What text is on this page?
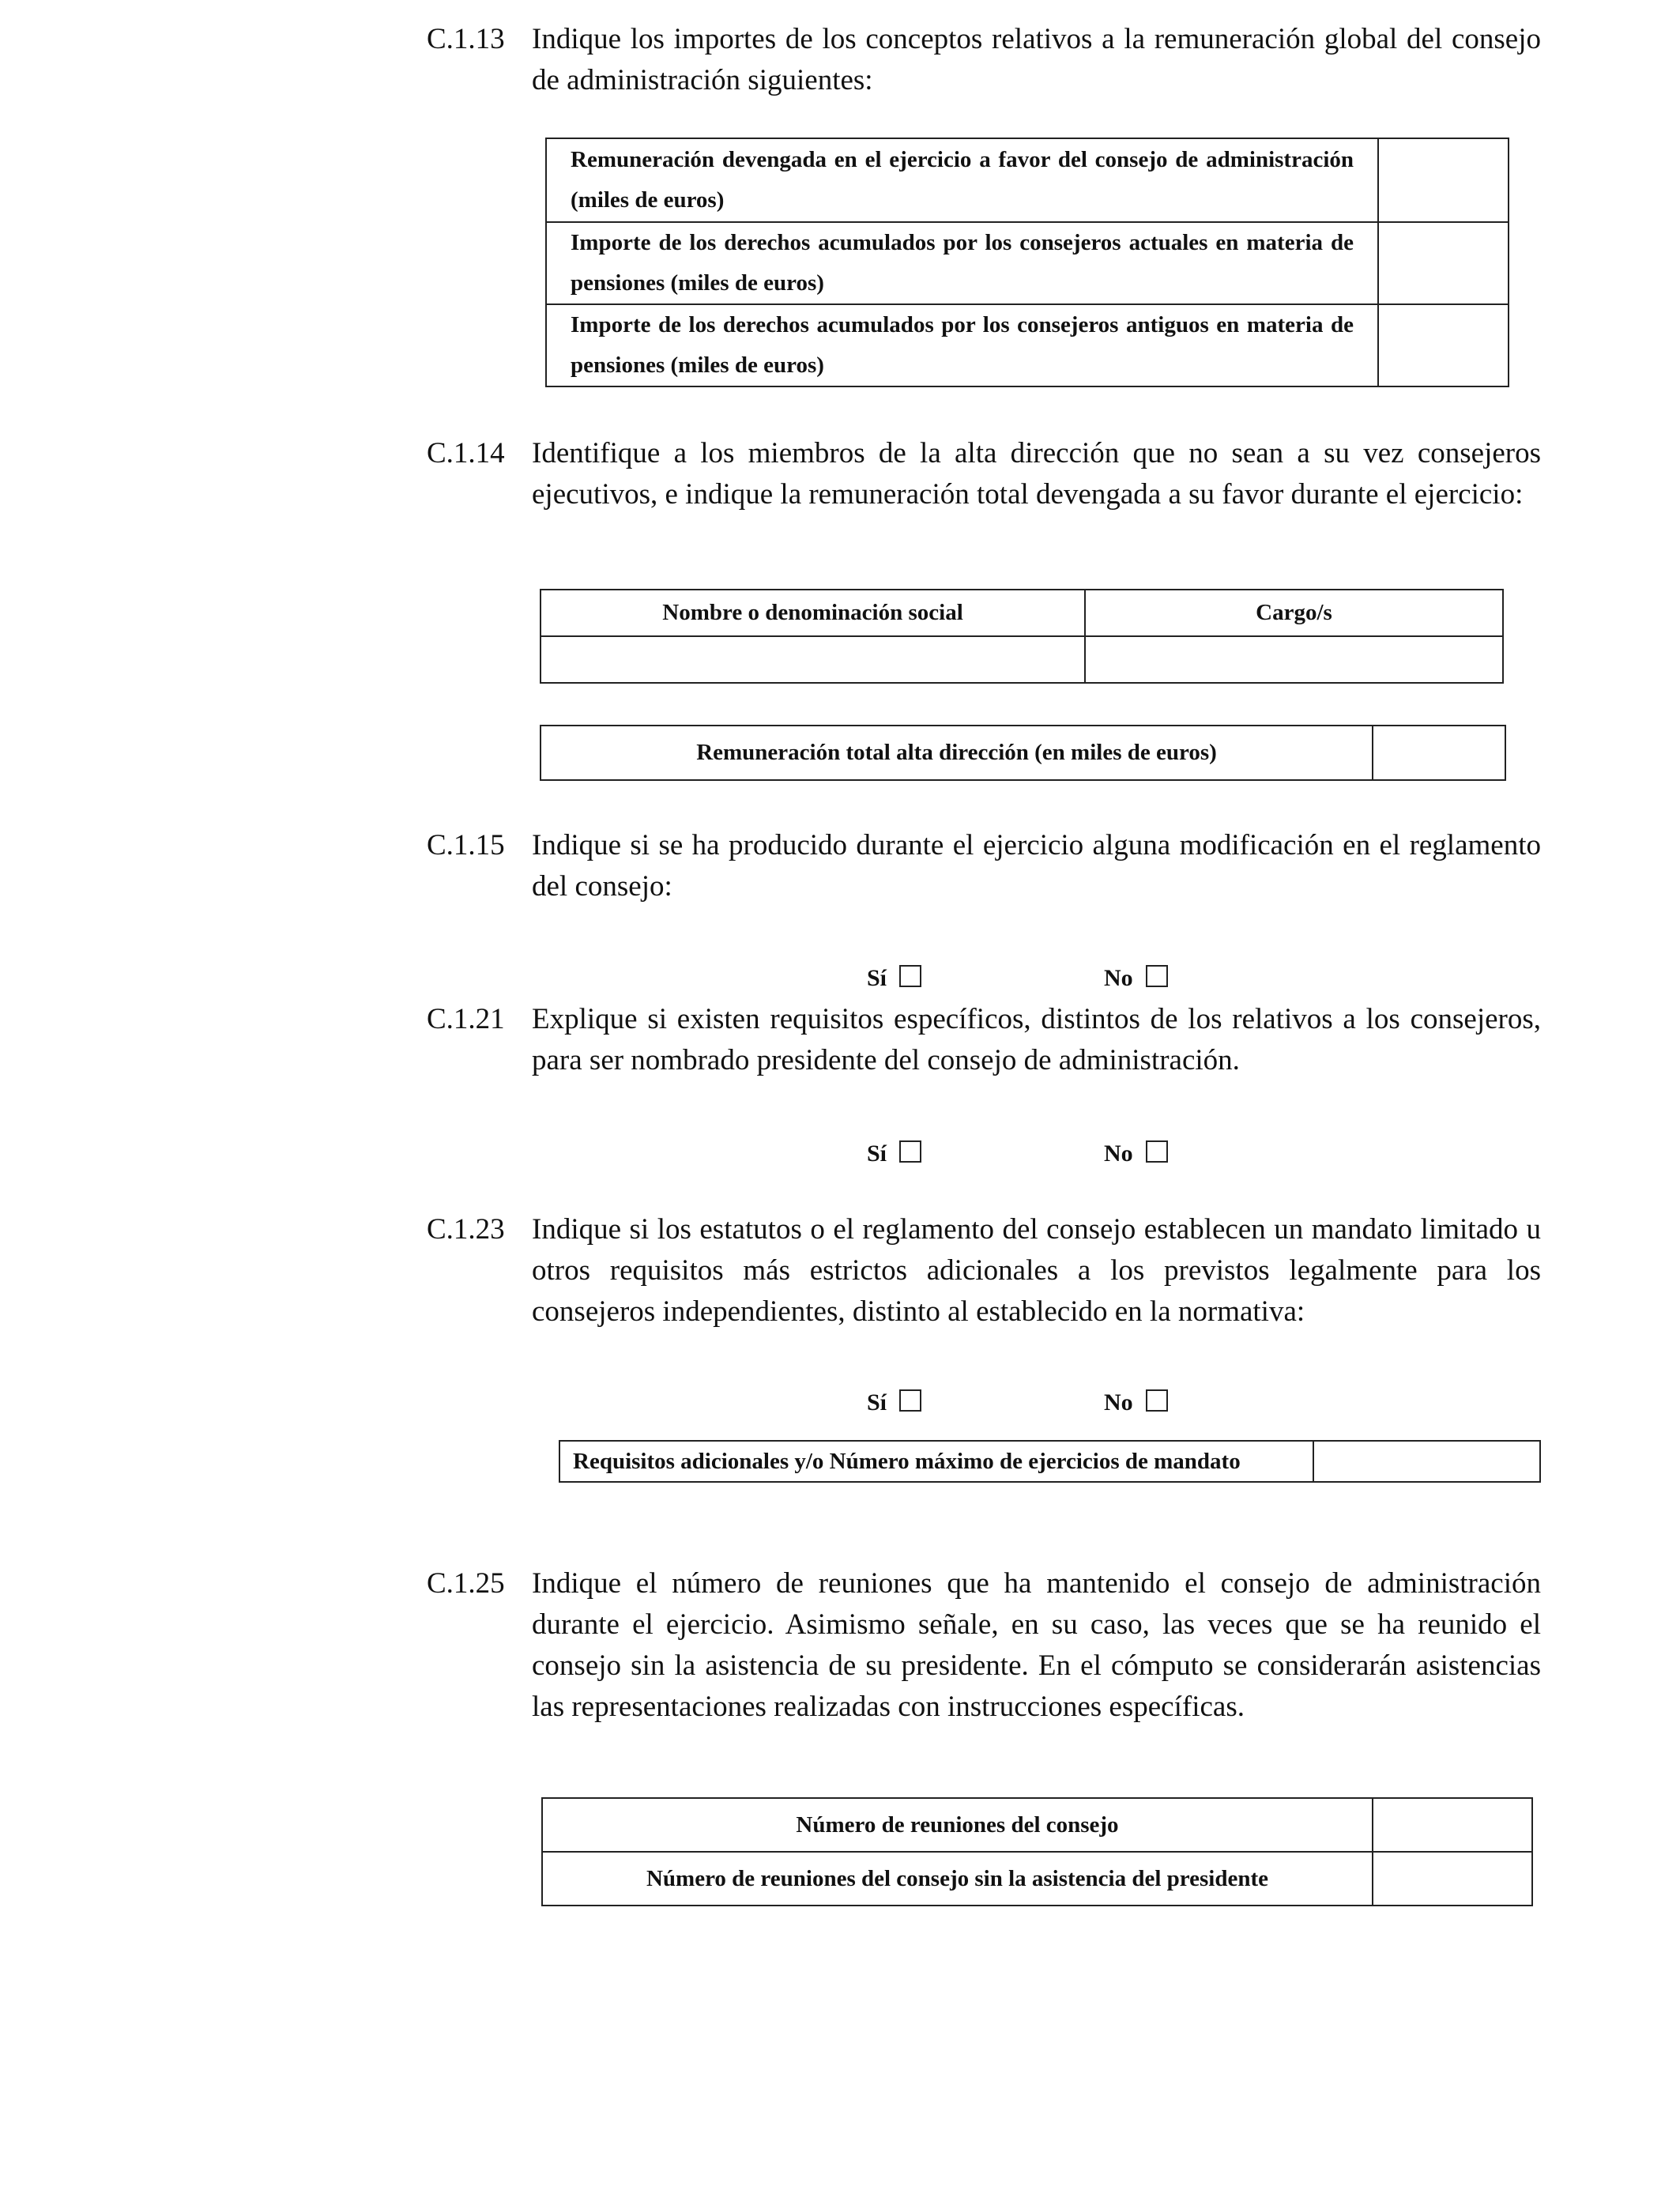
C.1.13 Indique los importes de los conceptos relativos a la remuneración global del consejo de administración siguientes:
Remuneración devengada en el ejercicio a favor del consejo de administración (miles de euros)	
Importe de los derechos acumulados por los consejeros actuales en materia de pensiones (miles de euros)	
Importe de los derechos acumulados por los consejeros antiguos en materia de pensiones (miles de euros)	
C.1.14 Identifique a los miembros de la alta dirección que no sean a su vez consejeros ejecutivos, e indique la remuneración total devengada a su favor durante el ejercicio:
Nombre o denominación social	Cargo/s

Remuneración total alta dirección (en miles de euros)	
C.1.15 Indique si se ha producido durante el ejercicio alguna modificación en el reglamento del consejo:
Sí	No
C.1.21 Explique si existen requisitos específicos, distintos de los relativos a los consejeros, para ser nombrado presidente del consejo de administración.
Sí	No
C.1.23 Indique si los estatutos o el reglamento del consejo establecen un mandato limitado u otros requisitos más estrictos adicionales a los previstos legalmente para los consejeros independientes, distinto al establecido en la normativa:
Sí	No
Requisitos adicionales y/o Número máximo de ejercicios de mandato	
C.1.25 Indique el número de reuniones que ha mantenido el consejo de administración durante el ejercicio. Asimismo señale, en su caso, las veces que se ha reunido el consejo sin la asistencia de su presidente. En el cómputo se considerarán asistencias las representaciones realizadas con instrucciones específicas.
Número de reuniones del consejo	
Número de reuniones del consejo sin la asistencia del presidente	
